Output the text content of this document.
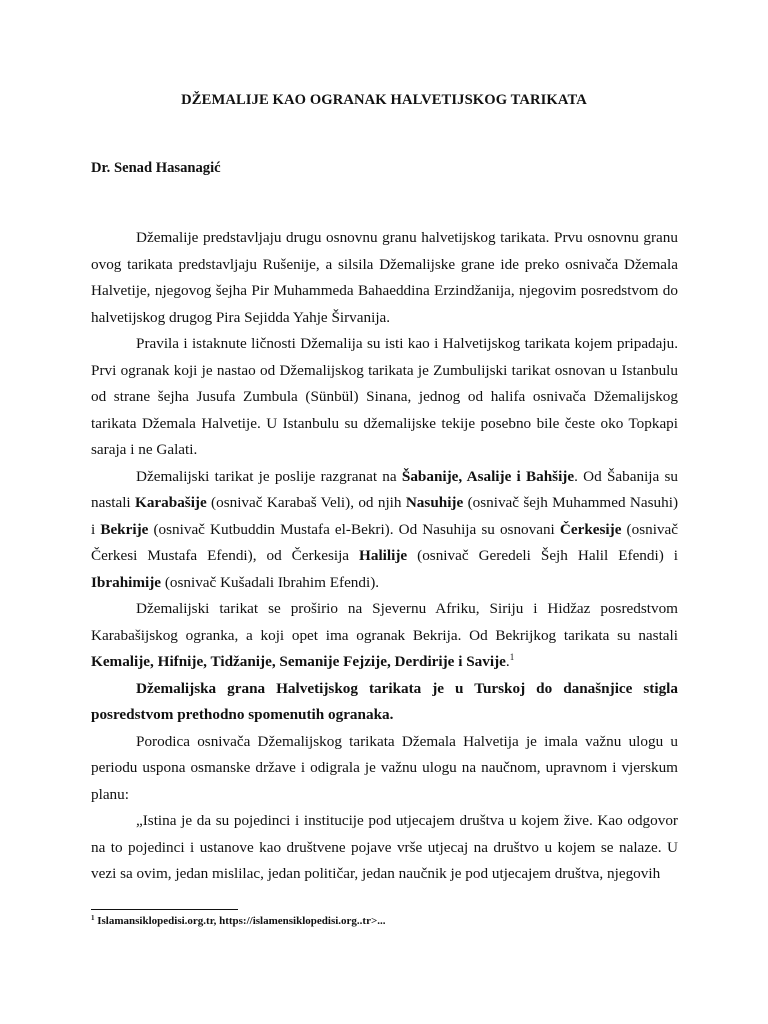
DŽEMALIJE KAO OGRANAK HALVETIJSKOG TARIKATA
Dr. Senad Hasanagić

Džemalije predstavljaju drugu osnovnu granu halvetijskog tarikata. Prvu osnovnu granu ovog tarikata predstavljaju Rušenije, a silsila Džemalijske grane ide preko osnivača Džemala Halvetije, njegovog šejha Pir Muhammeda Bahaeddina Erzindžanija, njegovim posredstvom do halvetijskog drugog Pira Sejidda Yahje Širvanija.

Pravila i istaknute ličnosti Džemalija su isti kao i Halvetijskog tarikata kojem pripadaju. Prvi ogranak koji je nastao od Džemalijskog tarikata je Zumbulijski tarikat osnovan u Istanbulu od strane šejha Jusufa Zumbula (Sünbül) Sinana, jednog od halifa osnivača Džemalijskog tarikata Džemala Halvetije. U Istanbulu su džemalijske tekije posebno bile česte oko Topkapi saraja i ne Galati.

Džemalijski tarikat je poslije razgranat na Šabanije, Asalije i Bahšije. Od Šabanija su nastali Karabašije (osnivač Karabaš Veli), od njih Nasuhije (osnivač šejh Muhammed Nasuhi) i Bekrije (osnivač Kutbuddin Mustafa el-Bekri). Od Nasuhija su osnovani Čerkesije (osnivač Čerkesi Mustafa Efendi), od Čerkesija Halilije (osnivač Geredeli Šejh Halil Efendi) i Ibrahimije (osnivač Kušadali Ibrahim Efendi).

Džemalijski tarikat se proširio na Sjevernu Afriku, Siriju i Hidžaz posredstvom Karabašijskog ogranka, a koji opet ima ogranak Bekrija. Od Bekrijkog tarikata su nastali Kemalije, Hifnije, Tidžanije, Semanije Fejzije, Derdirije i Savije.$^1$

Džemalijska grana Halvetijskog tarikata je u Turskoj do današnjice stigla posredstvom prethodno spomenutih ogranaka.

Porodica osnivača Džemalijskog tarikata Džemala Halvetija je imala važnu ulogu u periodu uspona osmanske države i odigrala je važnu ulogu na naučnom, upravnom i vjerskum planu:

„Istina je da su pojedinci i institucije pod utjecajem društva u kojem žive. Kao odgovor na to pojedinci i ustanove kao društvene pojave vrše utjecaj na društvo u kojem se nalaze. U vezi sa ovim, jedan mislilac, jedan političar, jedan naučnik je pod utjecajem društva, njegovih

$^1$ Islamansiklopedisi.org.tr, https://islamensiklopedisi.org..tr>...
